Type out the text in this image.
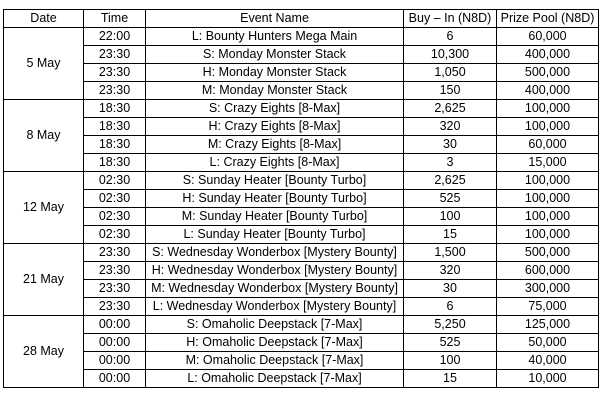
Date	Time	Event Name	Buy – In (N8D)	Prize Pool (N8D)
5 May	22:00	L: Bounty Hunters Mega Main	6	60,000
	23:30	S: Monday Monster Stack	10,300	400,000
	23:30	H: Monday Monster Stack	1,050	500,000
	23:30	M: Monday Monster Stack	150	400,000
8 May	18:30	S: Crazy Eights [8-Max]	2,625	100,000
	18:30	H: Crazy Eights [8-Max]	320	100,000
	18:30	M: Crazy Eights [8-Max]	30	60,000
	18:30	L: Crazy Eights [8-Max]	3	15,000
12 May	02:30	S: Sunday Heater [Bounty Turbo]	2,625	100,000
	02:30	H: Sunday Heater [Bounty Turbo]	525	100,000
	02:30	M: Sunday Heater [Bounty Turbo]	100	100,000
	02:30	L: Sunday Heater [Bounty Turbo]	15	100,000
21 May	23:30	S: Wednesday Wonderbox [Mystery Bounty]	1,500	500,000
	23:30	H: Wednesday Wonderbox [Mystery Bounty]	320	600,000
	23:30	M: Wednesday Wonderbox [Mystery Bounty]	30	300,000
	23:30	L: Wednesday Wonderbox [Mystery Bounty]	6	75,000
28 May	00:00	S: Omaholic Deepstack [7-Max]	5,250	125,000
	00:00	H: Omaholic Deepstack [7-Max]	525	50,000
	00:00	M: Omaholic Deepstack [7-Max]	100	40,000
	00:00	L: Omaholic Deepstack [7-Max]	15	10,000
